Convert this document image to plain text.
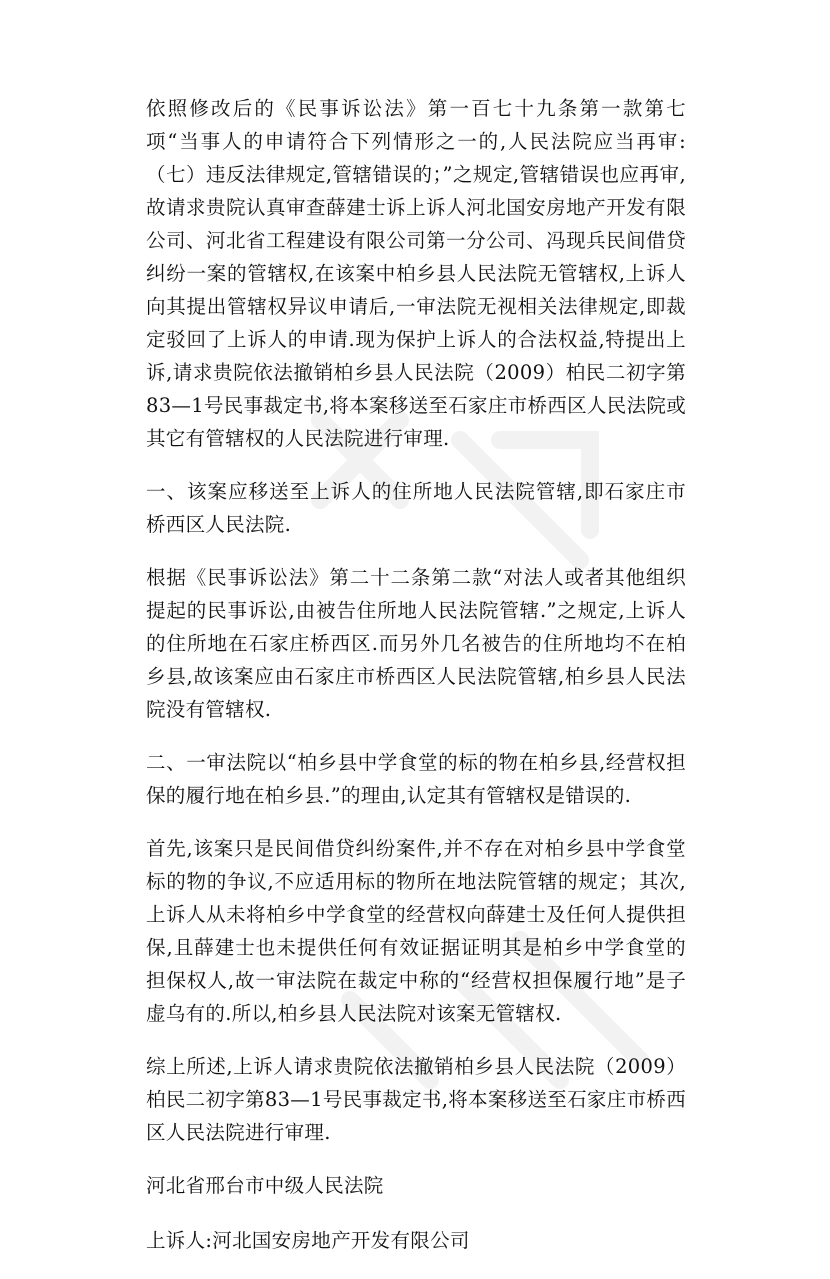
依照修改后的《民事诉讼法》第一百七十九条第一款第七项“当事人的申请符合下列情形之一的,人民法院应当再审:（七）违反法律规定,管辖错误的；”之规定,管辖错误也应再审,故请求贵院认真审查薛建士诉上诉人河北国安房地产开发有限公司、河北省工程建设有限公司第一分公司、冯现兵民间借贷纠纷一案的管辖权,在该案中柏乡县人民法院无管辖权,上诉人向其提出管辖权异议申请后,一审法院无视相关法律规定,即裁定驳回了上诉人的申请.现为保护上诉人的合法权益,特提出上诉,请求贵院依法撤销柏乡县人民法院（2009）柏民二初字第83—1号民事裁定书,将本案移送至石家庄市桥西区人民法院或其它有管辖权的人民法院进行审理.

一、该案应移送至上诉人的住所地人民法院管辖,即石家庄市桥西区人民法院.

根据《民事诉讼法》第二十二条第二款“对法人或者其他组织提起的民事诉讼,由被告住所地人民法院管辖.”之规定,上诉人的住所地在石家庄桥西区.而另外几名被告的住所地均不在柏乡县,故该案应由石家庄市桥西区人民法院管辖,柏乡县人民法院没有管辖权.

二、一审法院以“柏乡县中学食堂的标的物在柏乡县,经营权担保的履行地在柏乡县.”的理由,认定其有管辖权是错误的.

首先,该案只是民间借贷纠纷案件,并不存在对柏乡县中学食堂标的物的争议,不应适用标的物所在地法院管辖的规定；其次,上诉人从未将柏乡中学食堂的经营权向薛建士及任何人提供担保,且薛建士也未提供任何有效证据证明其是柏乡中学食堂的担保权人,故一审法院在裁定中称的“经营权担保履行地”是子虚乌有的.所以,柏乡县人民法院对该案无管辖权.

综上所述,上诉人请求贵院依法撤销柏乡县人民法院（2009）柏民二初字第83—1号民事裁定书,将本案移送至石家庄市桥西区人民法院进行审理.

河北省邢台市中级人民法院

上诉人:河北国安房地产开发有限公司
